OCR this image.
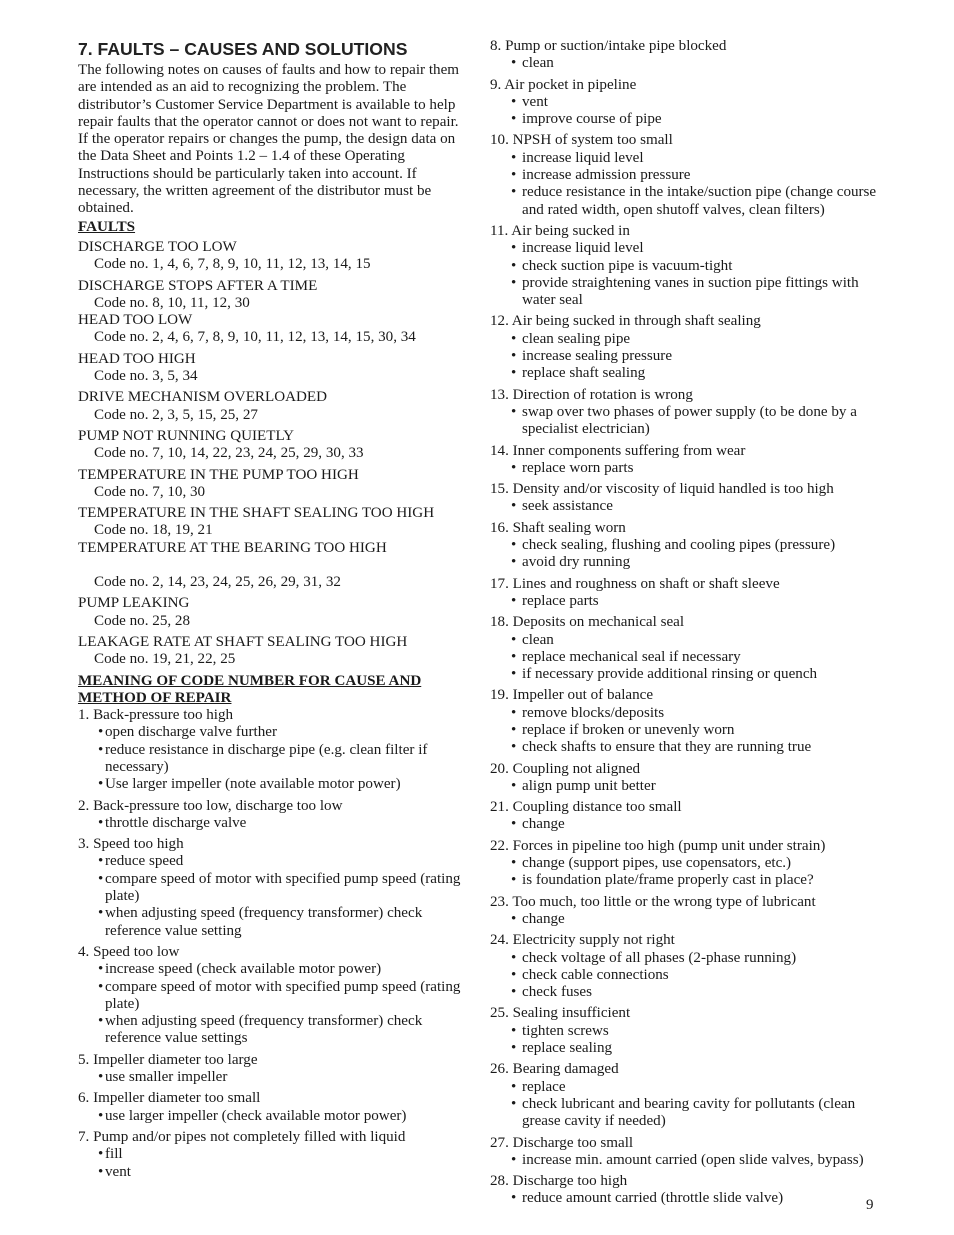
7. FAULTS – CAUSES AND SOLUTIONS

The following notes on causes of faults and how to repair them are intended as an aid to recognizing the problem. The distributor’s Customer Service Department is available to help repair faults that the operator cannot or does not want to repair. If the operator repairs or changes the pump, the design data on the Data Sheet and Points 1.2 – 1.4 of these Operating Instructions should be particularly taken into account. If necessary, the written agreement of the distributor must be obtained.

FAULTS
DISCHARGE TOO LOW
Code no. 1, 4, 6, 7, 8, 9, 10, 11, 12, 13, 14, 15
DISCHARGE STOPS AFTER A TIME
Code no. 8, 10, 11, 12, 30
HEAD TOO LOW
Code no. 2, 4, 6, 7, 8, 9, 10, 11, 12, 13, 14, 15, 30, 34
HEAD TOO HIGH
Code no. 3, 5, 34
DRIVE MECHANISM OVERLOADED
Code no. 2, 3, 5, 15, 25, 27
PUMP NOT RUNNING QUIETLY
Code no. 7, 10, 14, 22, 23, 24, 25, 29, 30, 33
TEMPERATURE IN THE PUMP TOO HIGH
Code no. 7, 10, 30
TEMPERATURE IN THE SHAFT SEALING TOO HIGH
Code no. 18, 19, 21
TEMPERATURE AT THE BEARING TOO HIGH
Code no. 2, 14, 23, 24, 25, 26, 29, 31, 32
PUMP LEAKING
Code no. 25, 28
LEAKAGE RATE AT SHAFT SEALING TOO HIGH
Code no. 19, 21, 22, 25
MEANING OF CODE NUMBER FOR CAUSE AND METHOD OF REPAIR
1. Back-pressure too high
• open discharge valve further
• reduce resistance in discharge pipe (e.g. clean filter if necessary)
• Use larger impeller (note available motor power)
2. Back-pressure too low, discharge too low
• throttle discharge valve
3. Speed too high
• reduce speed
• compare speed of motor with specified pump speed (rating plate)
• when adjusting speed (frequency transformer) check reference value setting
4. Speed too low
• increase speed (check available motor power)
• compare speed of motor with specified pump speed (rating plate)
• when adjusting speed (frequency transformer) check reference value settings
5. Impeller diameter too large
• use smaller impeller
6. Impeller diameter too small
• use larger impeller (check available motor power)
7. Pump and/or pipes not completely filled with liquid
• fill
• vent
8. Pump or suction/intake pipe blocked
• clean
9. Air pocket in pipeline
• vent
• improve course of pipe
10. NPSH of system too small
• increase liquid level
• increase admission pressure
• reduce resistance in the intake/suction pipe (change course and rated width, open shutoff valves, clean filters)
11. Air being sucked in
• increase liquid level
• check suction pipe is vacuum-tight
• provide straightening vanes in suction pipe fittings with water seal
12. Air being sucked in through shaft sealing
• clean sealing pipe
• increase sealing pressure
• replace shaft sealing
13. Direction of rotation is wrong
• swap over two phases of power supply (to be done by a specialist electrician)
14. Inner components suffering from wear
• replace worn parts
15. Density and/or viscosity of liquid handled is too high
• seek assistance
16. Shaft sealing worn
• check sealing, flushing and cooling pipes (pressure)
• avoid dry running
17. Lines and roughness on shaft or shaft sleeve
• replace parts
18. Deposits on mechanical seal
• clean
• replace mechanical seal if necessary
• if necessary provide additional rinsing or quench
19. Impeller out of balance
• remove blocks/deposits
• replace if broken or unevenly worn
• check shafts to ensure that they are running true
20. Coupling not aligned
• align pump unit better
21. Coupling distance too small
• change
22. Forces in pipeline too high (pump unit under strain)
• change (support pipes, use copensators, etc.)
• is foundation plate/frame properly cast in place?
23. Too much, too little or the wrong type of lubricant
• change
24. Electricity supply not right
• check voltage of all phases (2-phase running)
• check cable connections
• check fuses
25. Sealing insufficient
• tighten screws
• replace sealing
26. Bearing damaged
• replace
• check lubricant and bearing cavity for pollutants (clean grease cavity if needed)
27. Discharge too small
• increase min. amount carried (open slide valves, bypass)
28. Discharge too high
• reduce amount carried (throttle slide valve)	9
